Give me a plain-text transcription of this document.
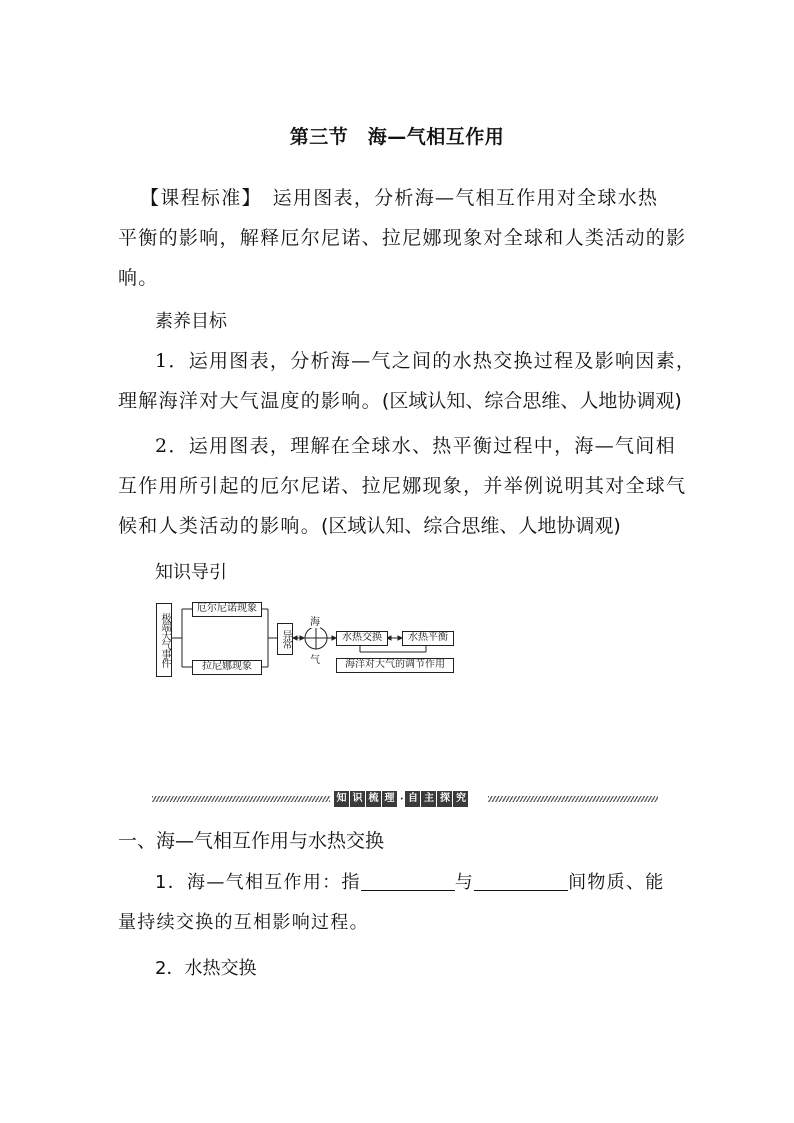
第三节　海—气相互作用
【课程标准】　运用图表，分析海—气相互作用对全球水热
平衡的影响，解释厄尔尼诺、拉尼娜现象对全球和人类活动的影
响。
素养目标
1．运用图表，分析海—气之间的水热交换过程及影响因素，
理解海洋对大气温度的影响。(区域认知、综合思维、人地协调观)
2．运用图表，理解在全球水、热平衡过程中，海—气间相
互作用所引起的厄尔尼诺、拉尼娜现象，并举例说明其对全球气
候和人类活动的影响。(区域认知、综合思维、人地协调观)
知识导引
极端大气事件
厄尔尼诺现象
拉尼娜现象
异常
海
气
水热交换	水热平衡
海洋对大气的调节作用
知 识 梳 理 · 自 主 探 究
一、海—气相互作用与水热交换
1．海—气相互作用：指	与	间物质、能
量持续交换的互相影响过程。
2．水热交换
